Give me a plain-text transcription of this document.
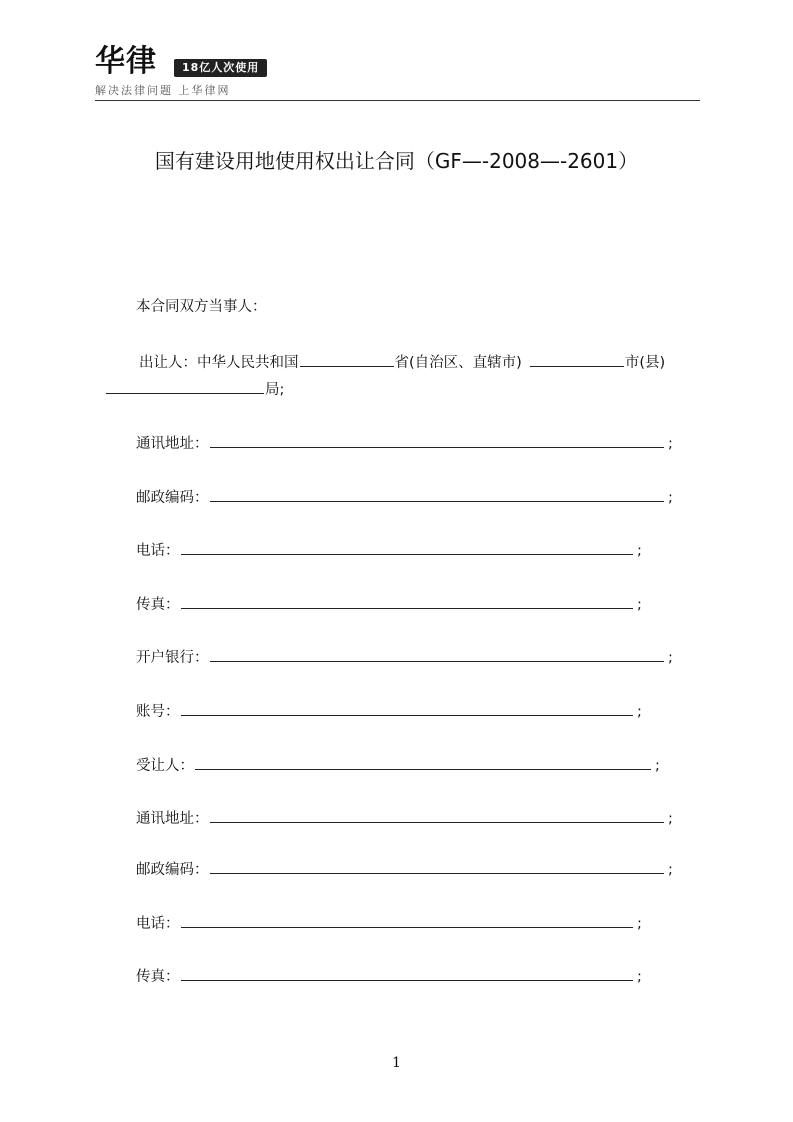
华律	18亿人次使用
解决法律问题 上华律网
国有建设用地使用权出让合同（GF—-2008—-2601）
本合同双方当事人：
出让人：中华人民共和国	省(自治区、直辖市)	市(县)
局;
通讯地址：	;
邮政编码：	;
电话：	;
传真：	;
开户银行：	;
账号：	;
受让人：	;
通讯地址：	;
邮政编码：	;
电话：	;
传真：	;
1
